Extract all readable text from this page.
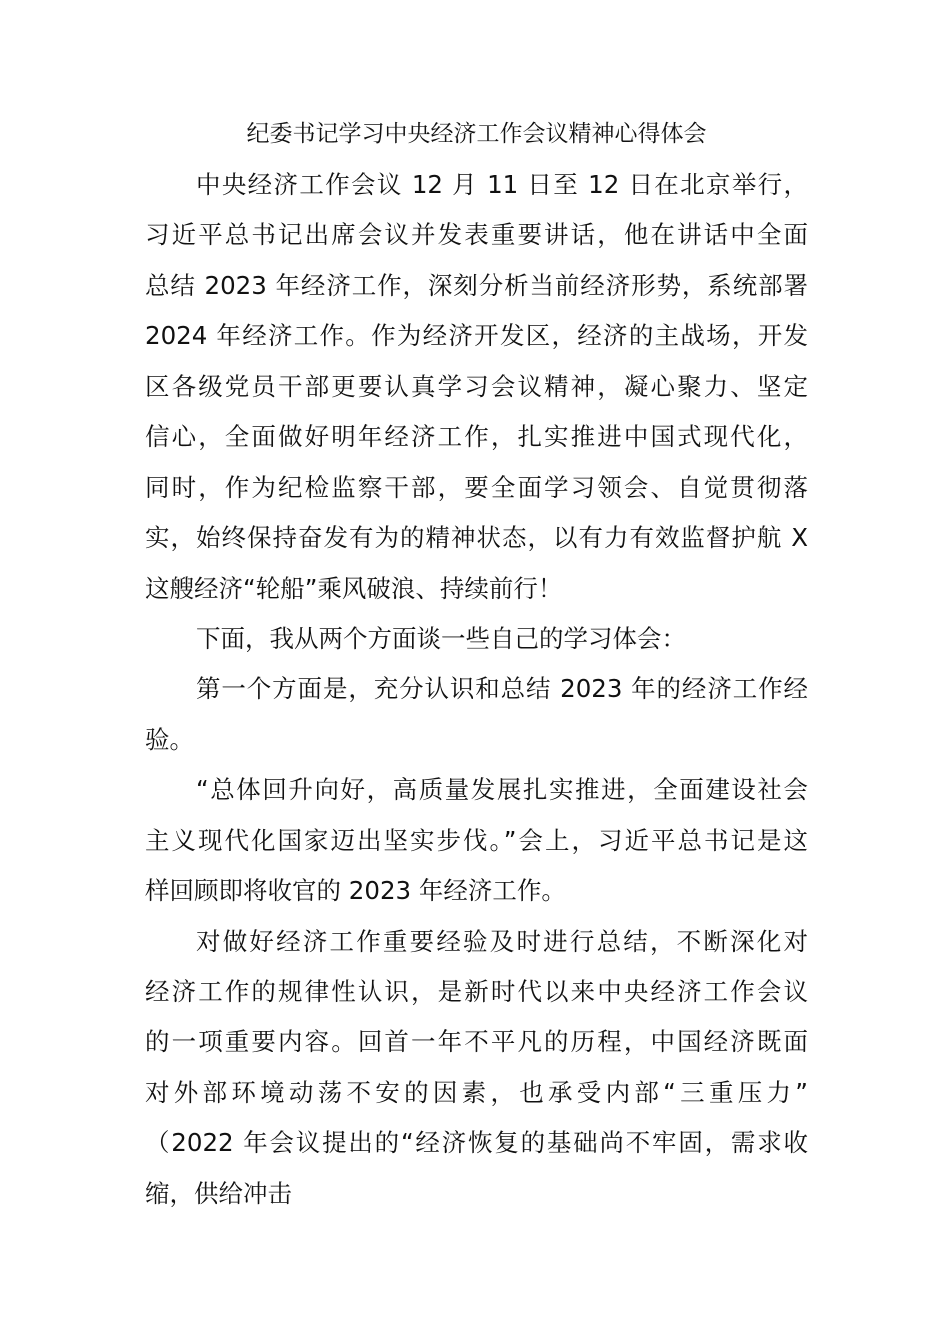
纪委书记学习中央经济工作会议精神心得体会
中央经济工作会议 12 月 11 日至 12 日在北京举行，
习近平总书记出席会议并发表重要讲话，他在讲话中全面
总结 2023 年经济工作，深刻分析当前经济形势，系统部署
2024 年经济工作。作为经济开发区，经济的主战场，开发
区各级党员干部更要认真学习会议精神，凝心聚力、坚定
信心，全面做好明年经济工作，扎实推进中国式现代化，
同时，作为纪检监察干部，要全面学习领会、自觉贯彻落
实，始终保持奋发有为的精神状态，以有力有效监督护航 X
这艘经济“轮船”乘风破浪、持续前行！
下面，我从两个方面谈一些自己的学习体会：
第一个方面是，充分认识和总结 2023 年的经济工作经
验。
“总体回升向好，高质量发展扎实推进，全面建设社会
主义现代化国家迈出坚实步伐。”会上，习近平总书记是这
样回顾即将收官的 2023 年经济工作。
对做好经济工作重要经验及时进行总结，不断深化对
经济工作的规律性认识，是新时代以来中央经济工作会议
的一项重要内容。回首一年不平凡的历程，中国经济既面
对外部环境动荡不安的因素，也承受内部“三重压力”
（2022 年会议提出的“经济恢复的基础尚不牢固，需求收
缩，供给冲击
